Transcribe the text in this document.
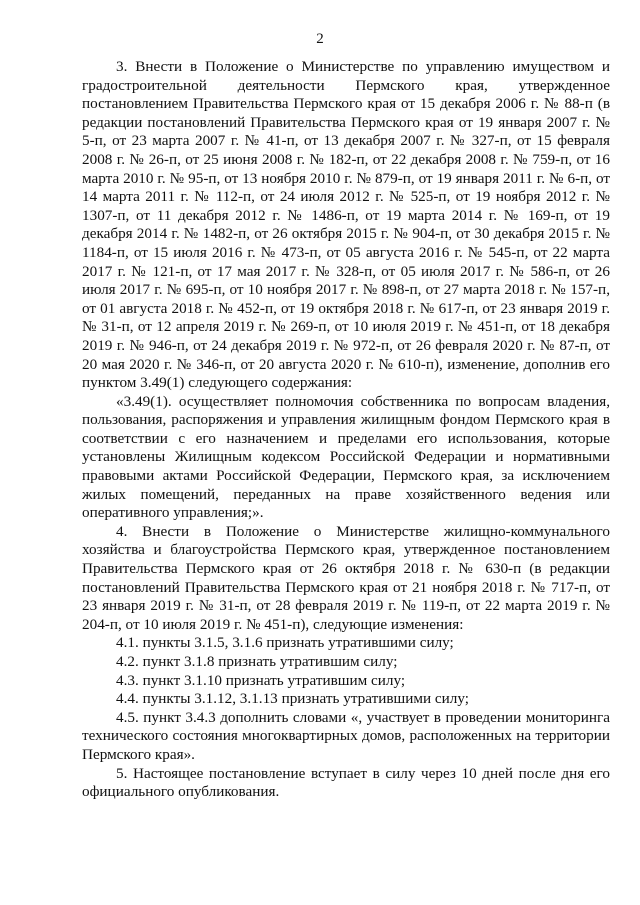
2

3. Внести в Положение о Министерстве по управлению имуществом и градостроительной деятельности Пермского края, утвержденное постановлением Правительства Пермского края от 15 декабря 2006 г. № 88-п (в редакции постановлений Правительства Пермского края от 19 января 2007 г. № 5-п, от 23 марта 2007 г. № 41-п, от 13 декабря 2007 г. № 327-п, от 15 февраля 2008 г. № 26-п, от 25 июня 2008 г. № 182-п, от 22 декабря 2008 г. № 759-п, от 16 марта 2010 г. № 95-п, от 13 ноября 2010 г. № 879-п, от 19 января 2011 г. № 6-п, от 14 марта 2011 г. № 112-п, от 24 июля 2012 г. № 525-п, от 19 ноября 2012 г. № 1307-п, от 11 декабря 2012 г. № 1486-п, от 19 марта 2014 г. № 169-п, от 19 декабря 2014 г. № 1482-п, от 26 октября 2015 г. № 904-п, от 30 декабря 2015 г. № 1184-п, от 15 июля 2016 г. № 473-п, от 05 августа 2016 г. № 545-п, от 22 марта 2017 г. № 121-п, от 17 мая 2017 г. № 328-п, от 05 июля 2017 г. № 586-п, от 26 июля 2017 г. № 695-п, от 10 ноября 2017 г. № 898-п, от 27 марта 2018 г. № 157-п, от 01 августа 2018 г. № 452-п, от 19 октября 2018 г. № 617-п, от 23 января 2019 г. № 31-п, от 12 апреля 2019 г. № 269-п, от 10 июля 2019 г. № 451-п, от 18 декабря 2019 г. № 946-п, от 24 декабря 2019 г. № 972-п, от 26 февраля 2020 г. № 87-п, от 20 мая 2020 г. № 346-п, от 20 августа 2020 г. № 610-п), изменение, дополнив его пунктом 3.49(1) следующего содержания:

«3.49(1). осуществляет полномочия собственника по вопросам владения, пользования, распоряжения и управления жилищным фондом Пермского края в соответствии с его назначением и пределами его использования, которые установлены Жилищным кодексом Российской Федерации и нормативными правовыми актами Российской Федерации, Пермского края, за исключением жилых помещений, переданных на праве хозяйственного ведения или оперативного управления;».

4. Внести в Положение о Министерстве жилищно-коммунального хозяйства и благоустройства Пермского края, утвержденное постановлением Правительства Пермского края от 26 октября 2018 г. № 630-п (в редакции постановлений Правительства Пермского края от 21 ноября 2018 г. № 717-п, от 23 января 2019 г. № 31-п, от 28 февраля 2019 г. № 119-п, от 22 марта 2019 г. № 204-п, от 10 июля 2019 г. № 451-п), следующие изменения:

4.1. пункты 3.1.5, 3.1.6 признать утратившими силу;

4.2. пункт 3.1.8 признать утратившим силу;

4.3. пункт 3.1.10 признать утратившим силу;

4.4. пункты 3.1.12, 3.1.13 признать утратившими силу;

4.5. пункт 3.4.3 дополнить словами «, участвует в проведении мониторинга технического состояния многоквартирных домов, расположенных на территории Пермского края».

5. Настоящее постановление вступает в силу через 10 дней после дня его официального опубликования.
